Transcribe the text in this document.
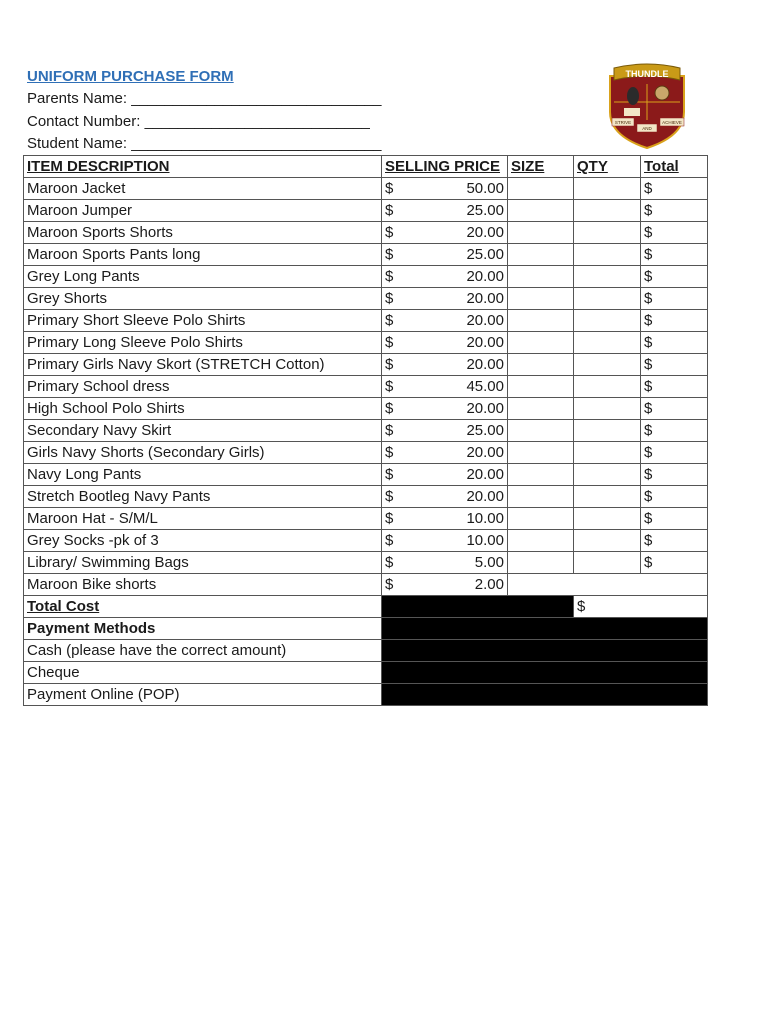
UNIFORM PURCHASE FORM
Parents Name: ______________________________
Contact Number: ___________________________
Student Name: ______________________________
THUNDLE
STRIVE
AND
ACHIEVE
ITEM DESCRIPTION	SELLING PRICE	SIZE	QTY	Total
Maroon Jacket	$ 50.00			$
Maroon Jumper	$ 25.00			$
Maroon Sports Shorts	$ 20.00			$
Maroon Sports Pants long	$ 25.00			$
Grey Long Pants	$ 20.00			$
Grey Shorts	$ 20.00			$
Primary Short Sleeve Polo Shirts	$ 20.00			$
Primary Long Sleeve Polo Shirts	$ 20.00			$
Primary Girls Navy Skort (STRETCH Cotton)	$ 20.00			$
Primary School dress	$ 45.00			$
High School Polo Shirts	$ 20.00			$
Secondary Navy Skirt	$ 25.00			$
Girls Navy Shorts (Secondary Girls)	$ 20.00			$
Navy Long Pants	$ 20.00			$
Stretch Bootleg Navy Pants	$ 20.00			$
Maroon Hat - S/M/L	$ 10.00			$
Grey Socks -pk of 3	$ 10.00			$
Library/ Swimming Bags	$ 5.00			$
Maroon Bike shorts	$ 2.00			

Total Cost			$	
Payment Methods				
Cash (please have the correct amount)				
Cheque				
Payment Online (POP)				
